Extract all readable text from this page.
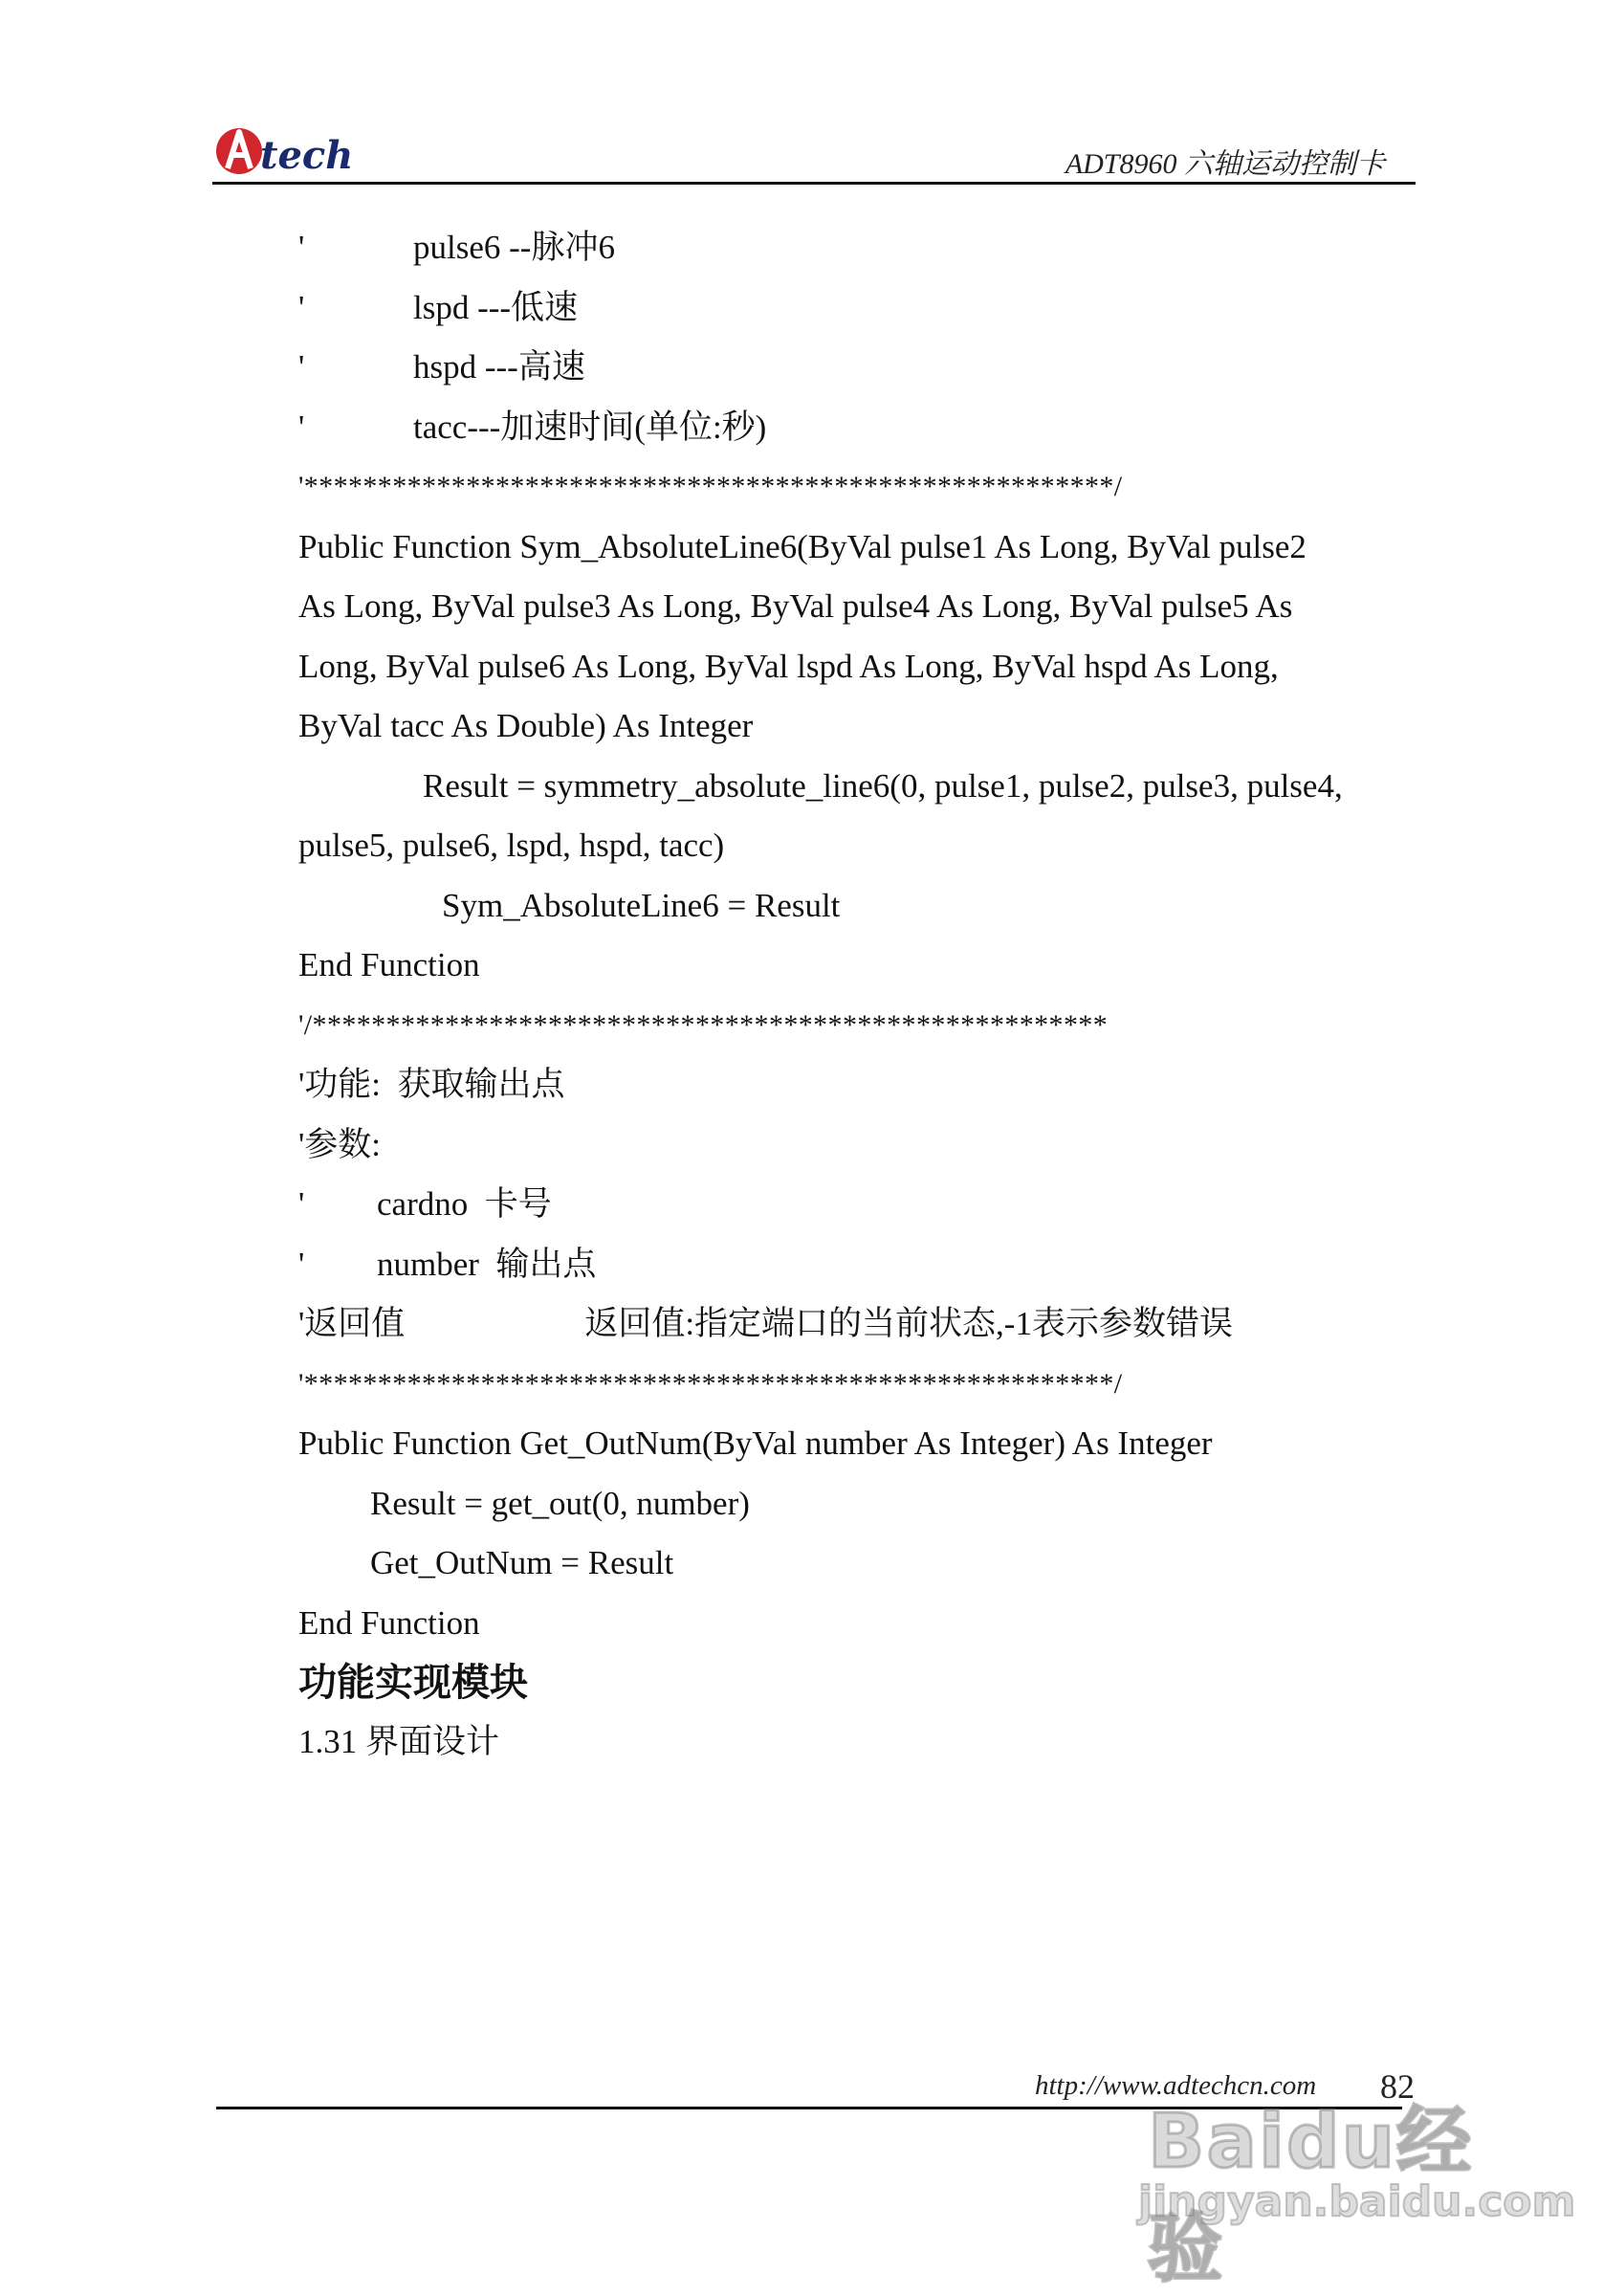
tech	ADT8960 六轴运动控制卡
'	pulse6 --脉冲6
'	lspd ---低速
'	hspd ---高速
'	tacc---加速时间(单位:秒)
'*******************************************************/
Public Function Sym_AbsoluteLine6(ByVal pulse1 As Long, ByVal pulse2
As Long, ByVal pulse3 As Long, ByVal pulse4 As Long, ByVal pulse5 As
Long, ByVal pulse6 As Long, ByVal lspd As Long, ByVal hspd As Long,
ByVal tacc As Double) As Integer
Result = symmetry_absolute_line6(0, pulse1, pulse2, pulse3, pulse4,
pulse5, pulse6, lspd, hspd, tacc)
Sym_AbsoluteLine6 = Result
End Function
'/******************************************************
'功能:  获取输出点
'参数:
' cardno  卡号
' number  输出点
'返回值	返回值:指定端口的当前状态,-1表示参数错误
'*******************************************************/
Public Function Get_OutNum(ByVal number As Integer) As Integer
Result = get_out(0, number)
Get_OutNum = Result
End Function
功能实现模块
1.31 界面设计
http://www.adtechcn.com 82
Baidu经验
jingyan.baidu.com
